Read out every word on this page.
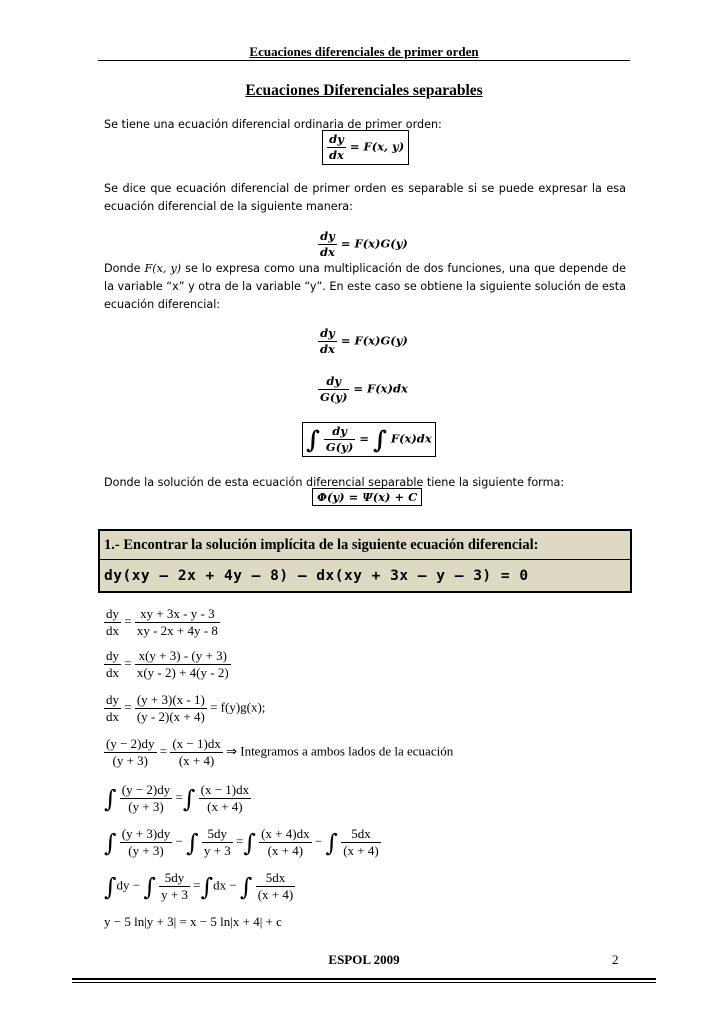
Ecuaciones diferenciales de primer orden
Ecuaciones Diferenciales separables
Se tiene una ecuación diferencial ordinaria de primer orden:
$\frac{dy}{dx} = F(x$, y)
Se dice que ecuación diferencial de primer orden es separable si se puede expresar la esa ecuación diferencial de la siguiente manera:
$\frac{dy}{dx} = F(x)G(y)$
Donde F(x, y) se lo expresa como una multiplicación de dos funciones, una que depende de la variable “x” y otra de la variable “y”. En este caso se obtiene la siguiente solución de esta ecuación diferencial:
$\frac{dy}{dx} = F(x)G(y)$
$\frac{dy}{G(y)} = F(x)dx$
∫ $\frac{dy}{G(y)}$ = ∫ F(x)dx
Donde la solución de esta ecuación diferencial separable tiene la siguiente forma:
Φ(y) = Ψ(x) + C
1.- Encontrar la solución implícita de la siguiente ecuación diferencial:
dy(xy – 2x + 4y – 8) – dx(xy + 3x – y – 3) = 0
$\frac{dy}{dx} = \frac{xy + 3x - y - 3}{xy - 2x + 4y - 8}$
$\frac{dy}{dx} = \frac{x(y + 3) - (y + 3)}{x(y - 2) + 4(y - 2)}$
$\frac{dy}{dx} = \frac{(y + 3)(x - 1)}{(y - 2)(x + 4)} = f(y)g(x)$;
$\frac{(y - 2)dy}{(y + 3)} = \frac{(x - 1)dx}{(x + 4)}$ ⇒ Integramos a ambos lados de la ecuación
∫ $\frac{(y - 2)dy}{(y + 3)}$ =∫ $\frac{(x - 1)dx}{(x + 4)}$
∫ $\frac{(y + 3)dy}{(y + 3)}$ − ∫ $\frac{5dy}{y + 3}$ =∫ $\frac{(x + 4)dx}{(x + 4)}$ − ∫ $\frac{5dx}{(x + 4)}$
∫dy − ∫ $\frac{5dy}{y + 3} =\int dx$ − ∫ $\frac{5dx}{(x + 4)}$
y − 5 ln|y + 3| = x − 5 ln|x + 4| + c
ESPOL 2009	2
